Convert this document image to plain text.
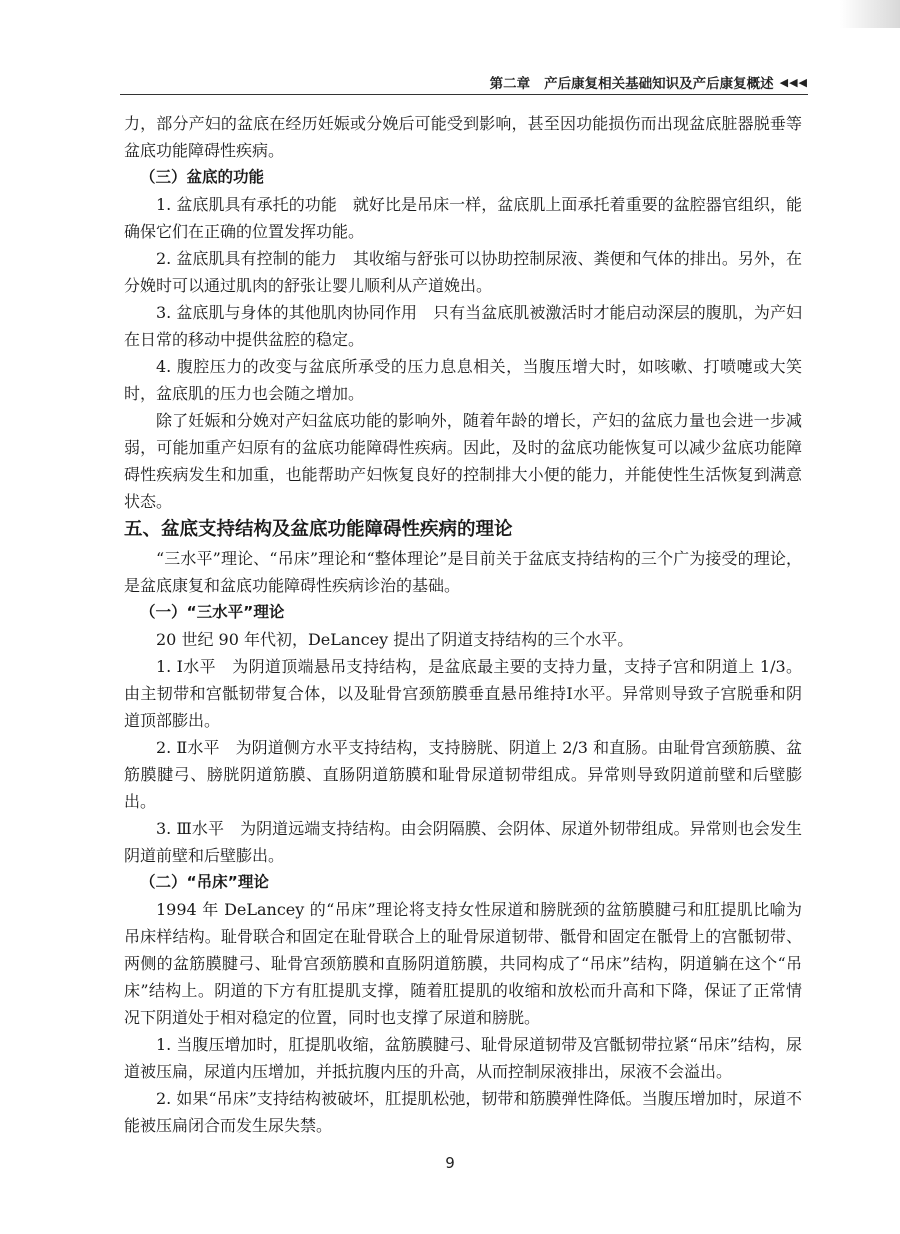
第二章 产后康复相关基础知识及产后康复概述 ◀◀◀

力，部分产妇的盆底在经历妊娠或分娩后可能受到影响，甚至因功能损伤而出现盆底脏器脱垂等盆底功能障碍性疾病。

（三）盆底的功能

1. 盆底肌具有承托的功能　就好比是吊床一样，盆底肌上面承托着重要的盆腔器官组织，能确保它们在正确的位置发挥功能。

2. 盆底肌具有控制的能力　其收缩与舒张可以协助控制尿液、粪便和气体的排出。另外，在分娩时可以通过肌肉的舒张让婴儿顺利从产道娩出。

3. 盆底肌与身体的其他肌肉协同作用　只有当盆底肌被激活时才能启动深层的腹肌，为产妇在日常的移动中提供盆腔的稳定。

4. 腹腔压力的改变与盆底所承受的压力息息相关，当腹压增大时，如咳嗽、打喷嚏或大笑时，盆底肌的压力也会随之增加。

除了妊娠和分娩对产妇盆底功能的影响外，随着年龄的增长，产妇的盆底力量也会进一步减弱，可能加重产妇原有的盆底功能障碍性疾病。因此，及时的盆底功能恢复可以减少盆底功能障碍性疾病发生和加重，也能帮助产妇恢复良好的控制排大小便的能力，并能使性生活恢复到满意状态。

五、盆底支持结构及盆底功能障碍性疾病的理论

“三水平”理论、“吊床”理论和“整体理论”是目前关于盆底支持结构的三个广为接受的理论，是盆底康复和盆底功能障碍性疾病诊治的基础。

（一）“三水平”理论

20 世纪 90 年代初，DeLancey 提出了阴道支持结构的三个水平。

1. Ⅰ水平　为阴道顶端悬吊支持结构，是盆底最主要的支持力量，支持子宫和阴道上 1/3。由主韧带和宫骶韧带复合体，以及耻骨宫颈筋膜垂直悬吊维持Ⅰ水平。异常则导致子宫脱垂和阴道顶部膨出。

2. Ⅱ水平　为阴道侧方水平支持结构，支持膀胱、阴道上 2/3 和直肠。由耻骨宫颈筋膜、盆筋膜腱弓、膀胱阴道筋膜、直肠阴道筋膜和耻骨尿道韧带组成。异常则导致阴道前壁和后壁膨出。

3. Ⅲ水平　为阴道远端支持结构。由会阴隔膜、会阴体、尿道外韧带组成。异常则也会发生阴道前壁和后壁膨出。

（二）“吊床”理论

1994 年 DeLancey 的“吊床”理论将支持女性尿道和膀胱颈的盆筋膜腱弓和肛提肌比喻为吊床样结构。耻骨联合和固定在耻骨联合上的耻骨尿道韧带、骶骨和固定在骶骨上的宫骶韧带、两侧的盆筋膜腱弓、耻骨宫颈筋膜和直肠阴道筋膜，共同构成了“吊床”结构，阴道躺在这个“吊床”结构上。阴道的下方有肛提肌支撑，随着肛提肌的收缩和放松而升高和下降，保证了正常情况下阴道处于相对稳定的位置，同时也支撑了尿道和膀胱。

1. 当腹压增加时，肛提肌收缩，盆筋膜腱弓、耻骨尿道韧带及宫骶韧带拉紧“吊床”结构，尿道被压扁，尿道内压增加，并抵抗腹内压的升高，从而控制尿液排出，尿液不会溢出。

2. 如果“吊床”支持结构被破坏，肛提肌松弛，韧带和筋膜弹性降低。当腹压增加时，尿道不能被压扁闭合而发生尿失禁。

9
